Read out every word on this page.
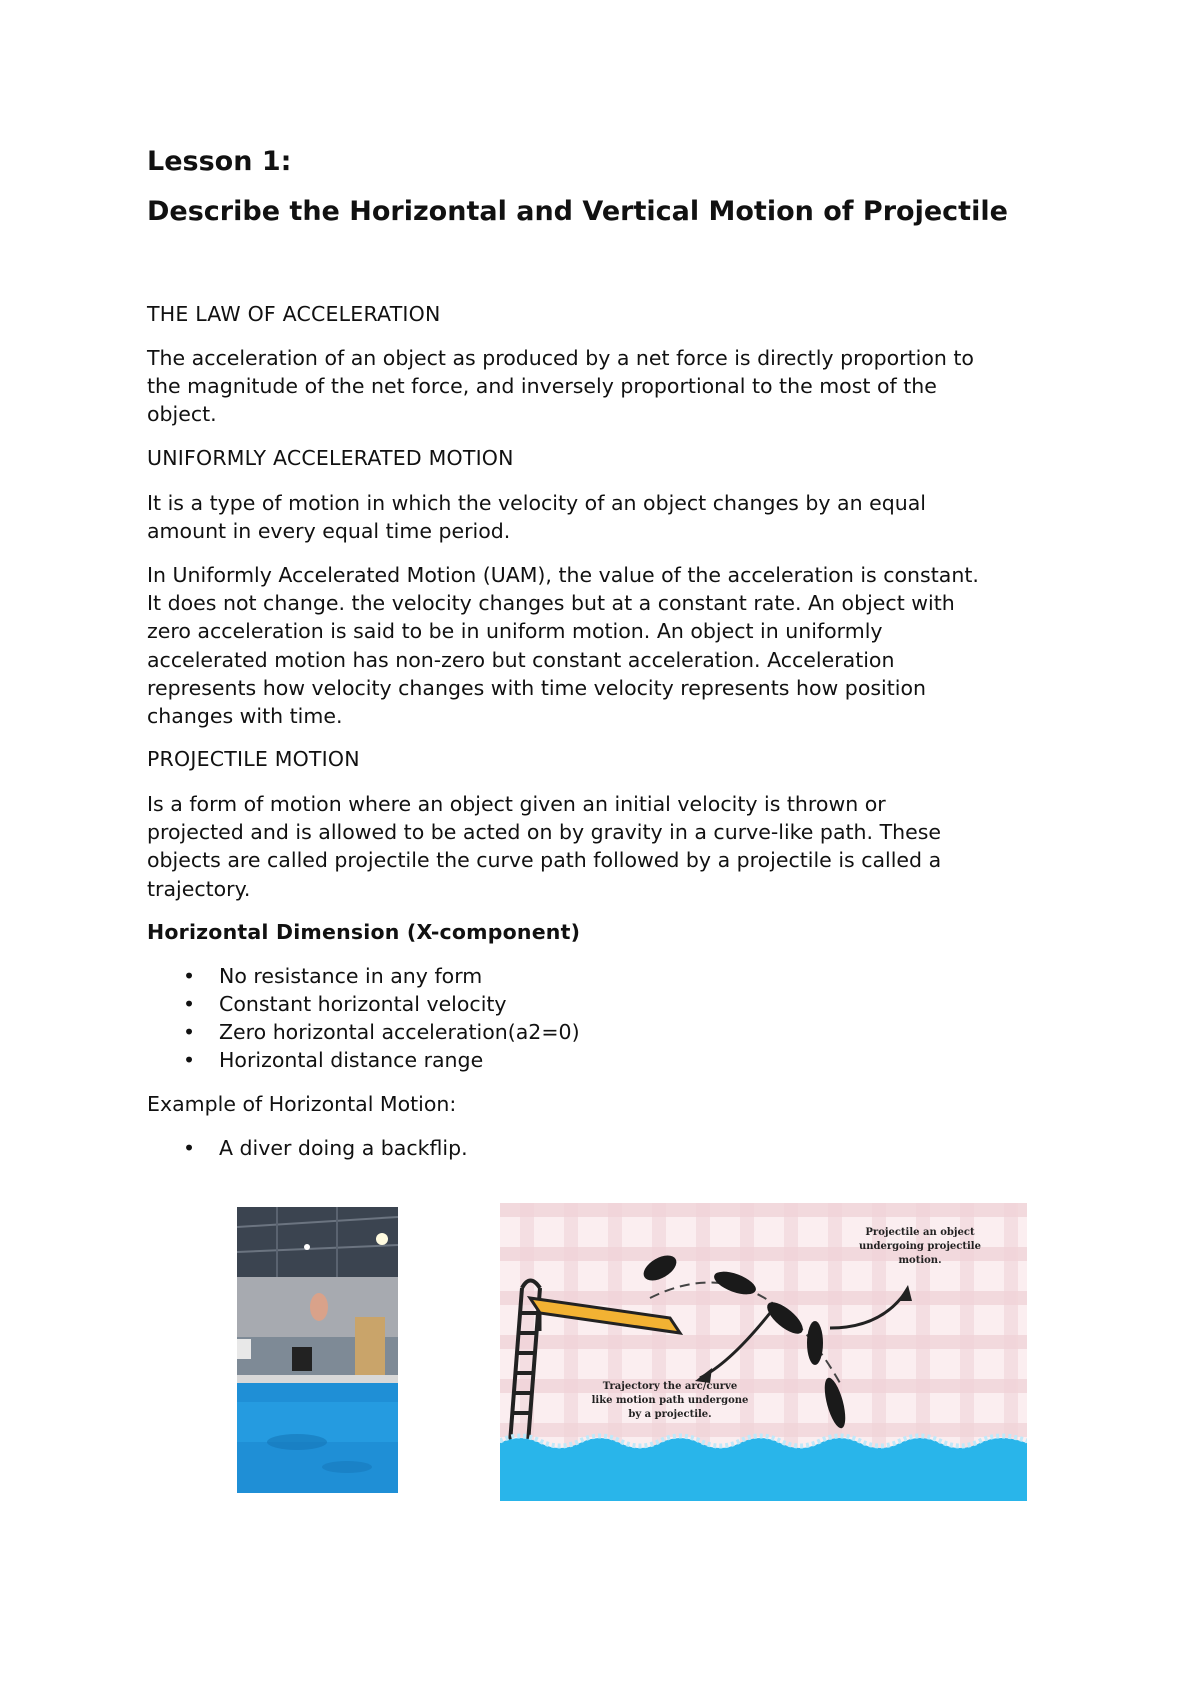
Lesson 1:
Describe the Horizontal and Vertical Motion of Projectile
THE LAW OF ACCELERATION
The acceleration of an object as produced by a net force is directly proportion to
the magnitude of the net force, and inversely proportional to the most of the
object.
UNIFORMLY ACCELERATED MOTION
It is a type of motion in which the velocity of an object changes by an equal
amount in every equal time period.
In Uniformly Accelerated Motion (UAM), the value of the acceleration is constant.
It does not change. the velocity changes but at a constant rate. An object with
zero acceleration is said to be in uniform motion. An object in uniformly
accelerated motion has non-zero but constant acceleration. Acceleration
represents how velocity changes with time velocity represents how position
changes with time.
PROJECTILE MOTION
Is a form of motion where an object given an initial velocity is thrown or
projected and is allowed to be acted on by gravity in a curve-like path. These
objects are called projectile the curve path followed by a projectile is called a
trajectory.
Horizontal Dimension (X-component)
• No resistance in any form
• Constant horizontal velocity
• Zero horizontal acceleration(a2=0)
• Horizontal distance range
Example of Horizontal Motion:
• A diver doing a backflip.
Projectile an object
undergoing projectile
motion.
Trajectory the arc/curve
like motion path undergone
by a projectile.
